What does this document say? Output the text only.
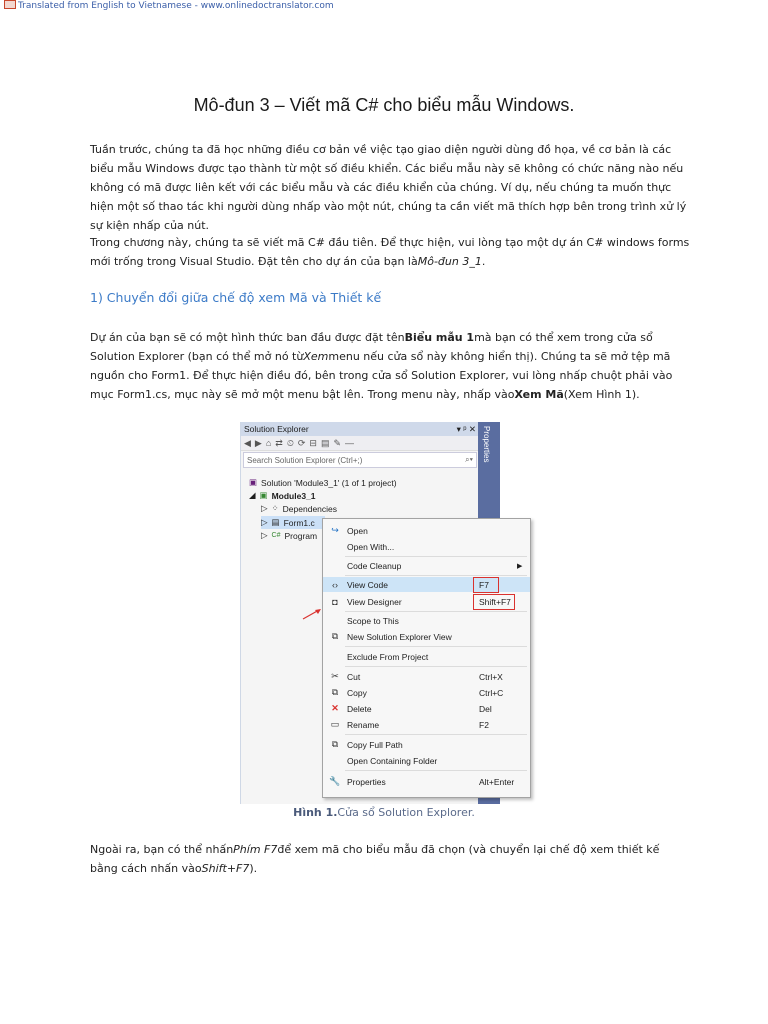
Translated from English to Vietnamese - www.onlinedoctranslator.com
Mô-đun 3 – Viết mã C# cho biểu mẫu Windows.
Tuần trước, chúng ta đã học những điều cơ bản về việc tạo giao diện người dùng đồ họa, về cơ bản là các biểu mẫu Windows được tạo thành từ một số điều khiển. Các biểu mẫu này sẽ không có chức năng nào nếu không có mã được liên kết với các biểu mẫu và các điều khiển của chúng. Ví dụ, nếu chúng ta muốn thực hiện một số thao tác khi người dùng nhấp vào một nút, chúng ta cần viết mã thích hợp bên trong trình xử lý sự kiện nhấp của nút.
Trong chương này, chúng ta sẽ viết mã C# đầu tiên. Để thực hiện, vui lòng tạo một dự án C# windows forms mới trống trong Visual Studio. Đặt tên cho dự án của bạn làMô-đun 3_1.
1) Chuyển đổi giữa chế độ xem Mã và Thiết kế
Dự án của bạn sẽ có một hình thức ban đầu được đặt tênBiểu mẫu 1mà bạn có thể xem trong cửa sổ Solution Explorer (bạn có thể mở nó từXemmenu nếu cửa sổ này không hiển thị). Chúng ta sẽ mở tệp mã nguồn cho Form1. Để thực hiện điều đó, bên trong cửa sổ Solution Explorer, vui lòng nhấp chuột phải vào mục Form1.cs, mục này sẽ mở một menu bật lên. Trong menu này, nhấp vàoXem Mã(Xem Hình 1).
Solution Explorer	▾ ᵖ ✕
◀ ▶ ⌂ ⇄ ⏲ ⟳ ⊟ ▤ ✎ —
Search Solution Explorer (Ctrl+;)	⌕▾
▣ Solution 'Module3_1' (1 of 1 project)
◢ ▣ Module3_1
▷ ⁘ Dependencies
▷ ▤ Form1.c
▷ C# Program
Properties
↪ Open
Open With...
Code Cleanup	▶
‹›	View Code	F7
◘	View Designer	Shift+F7
Scope to This
⧉	New Solution Explorer View
Exclude From Project
✂ Cut	Ctrl+X
⧉	Copy	Ctrl+C
✕ Delete	Del
▭ Rename	F2
⧉	Copy Full Path
Open Containing Folder
🔧 Properties	Alt+Enter
Hình 1.Cửa sổ Solution Explorer.
Ngoài ra, bạn có thể nhấnPhím F7để xem mã cho biểu mẫu đã chọn (và chuyển lại chế độ xem thiết kế bằng cách nhấn vàoShift+F7).
